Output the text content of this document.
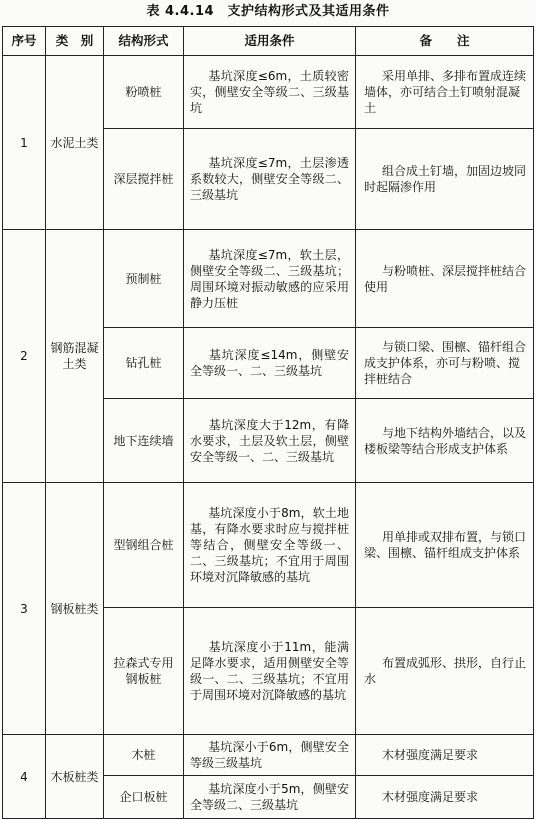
表 4.4.14　支护结构形式及其适用条件
序号	类　别	结构形式	适用条件	备　　注
1	水泥土类	粉喷桩	基坑深度≤6m，土质较密实，侧壁安全等级二、三级基坑	采用单排、多排布置成连续墙体，亦可结合土钉喷射混凝土
		深层搅拌桩	基坑深度≤7m，土层渗透系数较大，侧壁安全等级二、三级基坑	组合成土钉墙，加固边坡同时起隔渗作用
2	钢筋混凝土类	预制桩	基坑深度≤7m，软土层，侧壁安全等级二、三级基坑；周围环境对振动敏感的应采用静力压桩	与粉喷桩、深层搅拌桩结合使用
		钻孔桩	基坑深度≤14m，侧壁安全等级一、二、三级基坑	与锁口梁、围檩、锚杆组合成支护体系，亦可与粉喷、搅拌桩结合
		地下连续墙	基坑深度大于12m，有降水要求，土层及软土层，侧壁安全等级一、二、三级基坑	与地下结构外墙结合，以及楼板梁等结合形成支护体系
3	钢板桩类	型钢组合桩	基坑深度小于8m，软土地基，有降水要求时应与搅拌桩等结合，侧壁安全等级一、二、三级基坑；不宜用于周围环境对沉降敏感的基坑	用单排或双排布置，与锁口梁、围檩、锚杆组成支护体系
		拉森式专用钢板桩	基坑深度小于11m，能满足降水要求，适用侧壁安全等级一、二、三级基坑；不宜用于周围环境对沉降敏感的基坑	布置成弧形、拱形，自行止水
4	木板桩类	木桩	基坑深小于6m，侧壁安全等级三级基坑	木材强度满足要求
		企口板桩	基坑深度小于5m，侧壁安全等级二、三级基坑	木材强度满足要求
